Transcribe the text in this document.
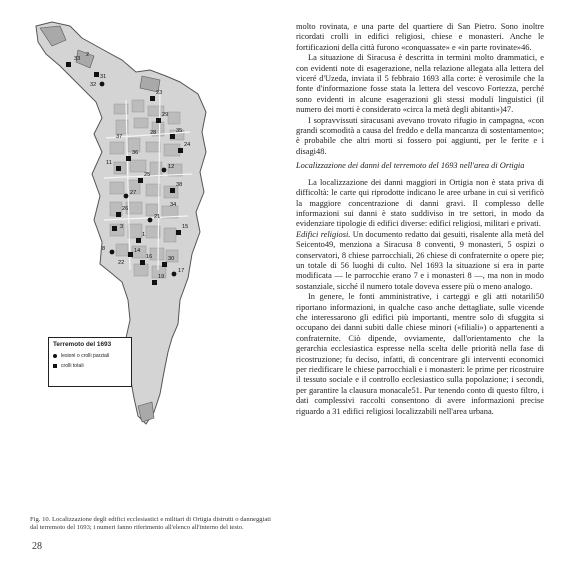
33
2
31
32
23
29
35
24
36
11
12
25
38
27
26
21
3	15
1
8	14
16	30
17
19
22
28
37
34
Terremoto del 1693
lesioni o crolli parziali
crolli totali
Fig. 10. Localizzazione degli edifici ecclesiastici e militari di Ortigia distrutti o danneggiati dal terremoto del 1693; i numeri fanno riferimento all'elenco all'interno del testo.
28

molto rovinata, e una parte del quartiere di San Pietro. Sono inoltre ricordati crolli in edifici religiosi, chiese e monasteri. Anche le fortificazioni della città furono «conquassate» e «in parte rovinate»46.

La situazione di Siracusa è descritta in termini molto drammatici, e con evidenti note di esagerazione, nella relazione allegata alla lettera del viceré d'Uzeda, inviata il 5 febbraio 1693 alla corte: è verosimile che la fonte d'informazione fosse stata la lettera del vescovo Fortezza, perché sono evidenti in alcune esagerazioni gli stessi moduli linguistici (il numero dei morti è considerato «circa la metà degli abitanti»)47.

I sopravvissuti siracusani avevano trovato rifugio in campagna, «con grandi scomodità a causa del freddo e della mancanza di sostentamento»; è probabile che altri morti si fossero poi aggiunti, per le ferite e i disagi48.

Localizzazione dei danni del terremoto del 1693 nell'area di Ortigia

La localizzazione dei danni maggiori in Ortigia non è stata priva di difficoltà: le carte qui riprodotte indicano le aree urbane in cui si verificò la maggiore concentrazione di danni gravi. Il complesso delle informazioni sui danni è stato suddiviso in tre settori, in modo da evidenziare tipologie di edifici diverse: edifici religiosi, militari e privati.

Edifici religiosi. Un documento redatto dai gesuiti, risalente alla metà del Seicento49, menziona a Siracusa 8 conventi, 9 monasteri, 5 ospizi o conservatori, 8 chiese parrocchiali, 26 chiese di confraternite o opere pie; un totale di 56 luoghi di culto. Nel 1693 la situazione si era in parte modificata — le parrocchie erano 7 e i monasteri 8 —, ma non in modo sostanziale, sicché il numero totale doveva essere più o meno analogo.

In genere, le fonti amministrative, i carteggi e gli atti notarili50 riportano informazioni, in qualche caso anche dettagliate, sulle vicende che interessarono gli edifici più importanti, mentre solo di sfuggita si occupano dei danni subiti dalle chiese minori («filiali») o appartenenti a confraternite. Ciò dipende, ovviamente, dall'orientamento che la gerarchia ecclesiastica espresse nella scelta delle priorità nella fase di ricostruzione; fu deciso, infatti, di concentrare gli interventi economici per riedificare le chiese parrocchiali e i monasteri: le prime per ricostruire il tessuto sociale e il controllo ecclesiastico sulla popolazione; i secondi, per garantire la clausura monacale51. Pur tenendo conto di questo filtro, i dati complessivi raccolti consentono di avere informazioni precise riguardo a 31 edifici religiosi localizzabili nell'area urbana.
